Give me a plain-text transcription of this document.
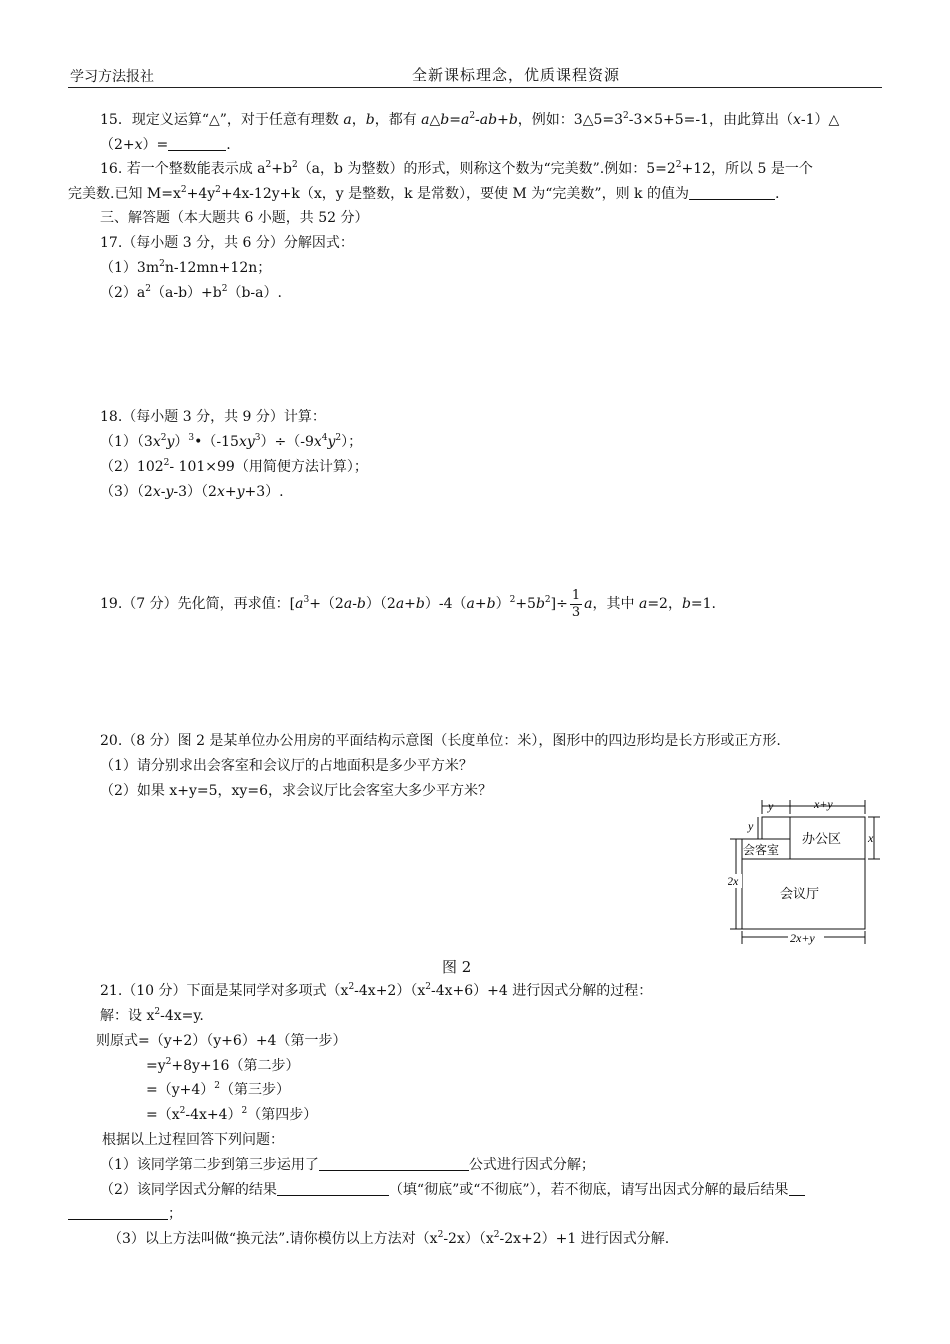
学习方法报社	全新课标理念，优质课程资源
15．现定义运算“△”，对于任意有理数 a，b，都有 $a\triangle b=a^2-ab+b$，例如：$3\triangle 5=3^2-3\times 5+5=-1$，由此算出（x-1）△
（2+x）=	.
16. 若一个整数能表示成 $a^2+b^2(a$，b 为整数）的形式，则称这个数为“完美数”.例如：$5=2^2+12$，所以 5 是一个
完美数.已知 $M=x^2+4y^2+4x-12y+k(x$，y 是整数，k 是常数），要使 M 为“完美数”，则 k 的值为	.
三、解答题（本大题共 6 小题，共 52 分）
17.（每小题 3 分，共 6 分）分解因式：
$(1)3m^2n-12mn+12n$；
$(2)a^2(a-b)+b^2(b-a)$.
18.（每小题 3 分，共 9 分）计算：
$(1)(3x^2y)^3•(-15xy^3)\div(-9x^4y^2)$；
$(2)102^2-$ 101×99（用简便方法计算）；
（3）（2x-y-3）（2x+y+3）.
19.（7 分）先化简，再求值：$[a^3+(2a-b)(2a+b)-4(a+b)^2+5b^2]\div \frac{1}{3}$ a，其中 a=2，b=1.
20.（8 分）图 2 是某单位办公用房的平面结构示意图（长度单位：米），图形中的四边形均是长方形或正方形.
（1）请分别求出会客室和会议厅的占地面积是多少平方米？
（2）如果 x+y=5，xy=6，求会议厅比会客室大多少平方米？
y	x+y
办公区
y
x
会客室
会议厅
2x
2x+y
图 2
21.（10 分）下面是某同学对多项式$(x^2-4x+2)(x^2-4x+6)+4$ 进行因式分解的过程：
解：设 $x^2-4x=y$.
则原式=（y+2）（y+6）+4（第一步）
$=y^2+8y+16$（第二步）
$=(y+4)^2$（第三步）
$=(x^2-4x+4)^2$（第四步）
根据以上过程回答下列问题：
（1）该同学第二步到第三步运用了	公式进行因式分解；
（2）该同学因式分解的结果	（填“彻底”或“不彻底”），若不彻底，请写出因式分解的最后结果
；
（3）以上方法叫做“换元法”.请你模仿以上方法对$(x^2-2x)(x^2-2x+2)+1$ 进行因式分解.
